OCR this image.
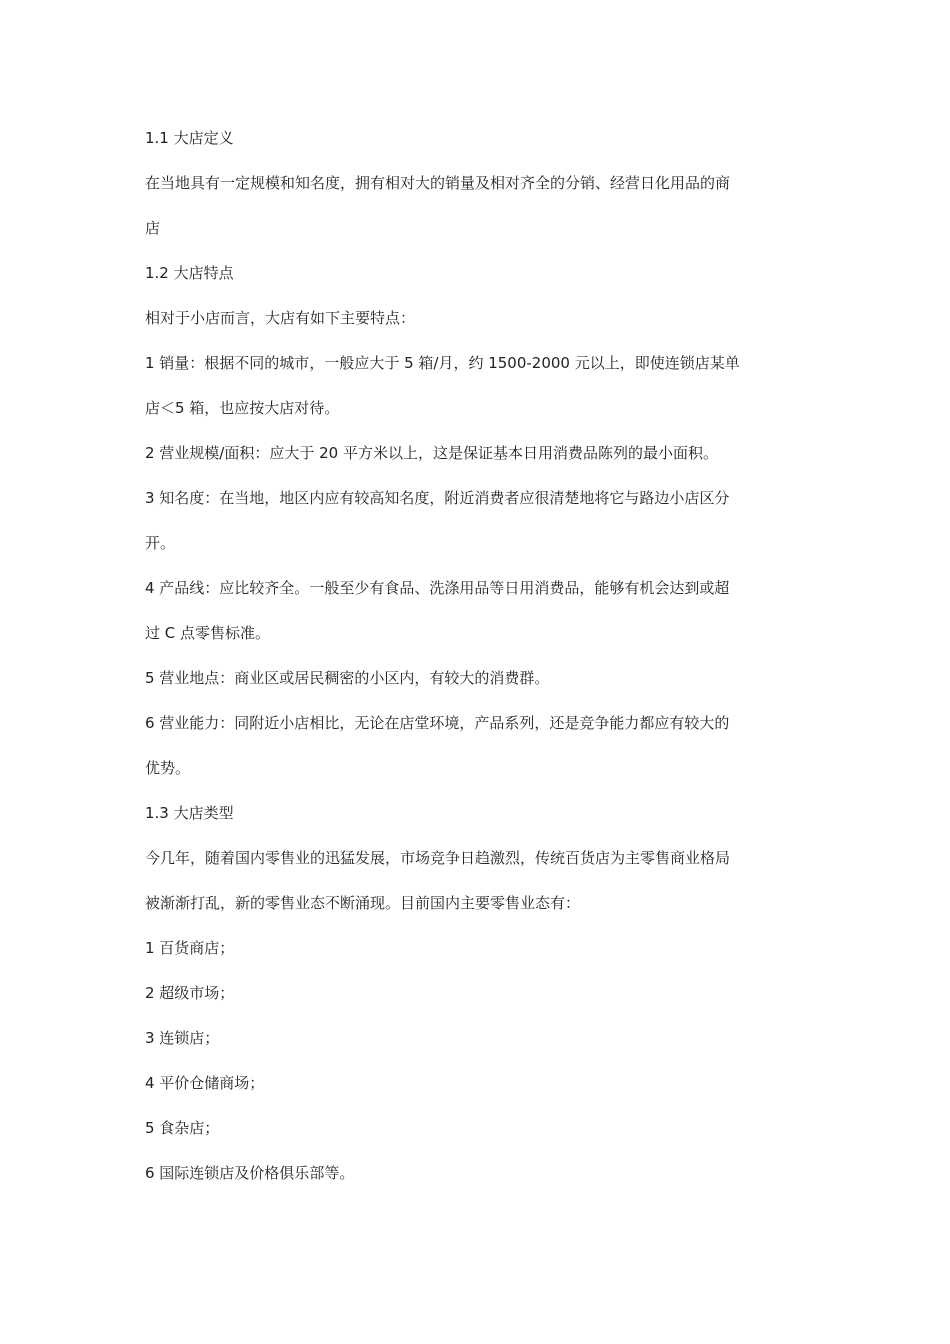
1.1 大店定义
在当地具有一定规模和知名度，拥有相对大的销量及相对齐全的分销、经营日化用品的商
店
1.2 大店特点
相对于小店而言，大店有如下主要特点：
1 销量：根据不同的城市，一般应大于 5 箱/月，约 1500-2000 元以上，即使连锁店某单
店＜5 箱，也应按大店对待。
2 营业规模/面积：应大于 20 平方米以上，这是保证基本日用消费品陈列的最小面积。
3 知名度：在当地，地区内应有较高知名度，附近消费者应很清楚地将它与路边小店区分
开。
4 产品线：应比较齐全。一般至少有食品、洗涤用品等日用消费品，能够有机会达到或超
过 C 点零售标准。
5 营业地点：商业区或居民稠密的小区内，有较大的消费群。
6 营业能力：同附近小店相比，无论在店堂环境，产品系列，还是竞争能力都应有较大的
优势。
1.3 大店类型
今几年，随着国内零售业的迅猛发展，市场竞争日趋激烈，传统百货店为主零售商业格局
被渐渐打乱，新的零售业态不断涌现。目前国内主要零售业态有：
1 百货商店；
2 超级市场；
3 连锁店；
4 平价仓储商场；
5 食杂店；
6 国际连锁店及价格俱乐部等。
